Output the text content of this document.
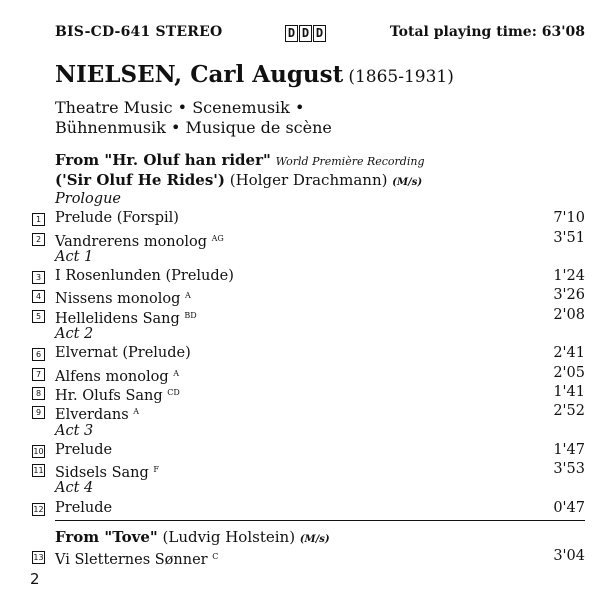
BIS-CD-641 STEREO	D D D	Total playing time: 63'08
NIELSEN, Carl August (1865-1931)
Theatre Music • Scenemusik •
Bühnenmusik • Musique de scène
From "Hr. Oluf han rider" World Première Recording
('Sir Oluf He Rides') (Holger Drachmann) (M/s)
Prologue
1 Prelude (Forspil)	7'10
2 Vandrerens monolog $^{AG}$	3'51
Act 1
3 I Rosenlunden (Prelude)	1'24
4 Nissens monolog $^A$	3'26
5 Hellelidens Sang $^{BD}$	2'08
Act 2
6 Elvernat (Prelude)	2'41
7 Alfens monolog $^A$	2'05
8 Hr. Olufs Sang $^{CD}$	1'41
9 Elverdans $^A$	2'52
Act 3
10 Prelude	1'47
11 Sidsels Sang $^F$	3'53
Act 4
12 Prelude	0'47
From "Tove" (Ludvig Holstein) (M/s)
13 Vi Sletternes Sønner $^C$	3'04
2
